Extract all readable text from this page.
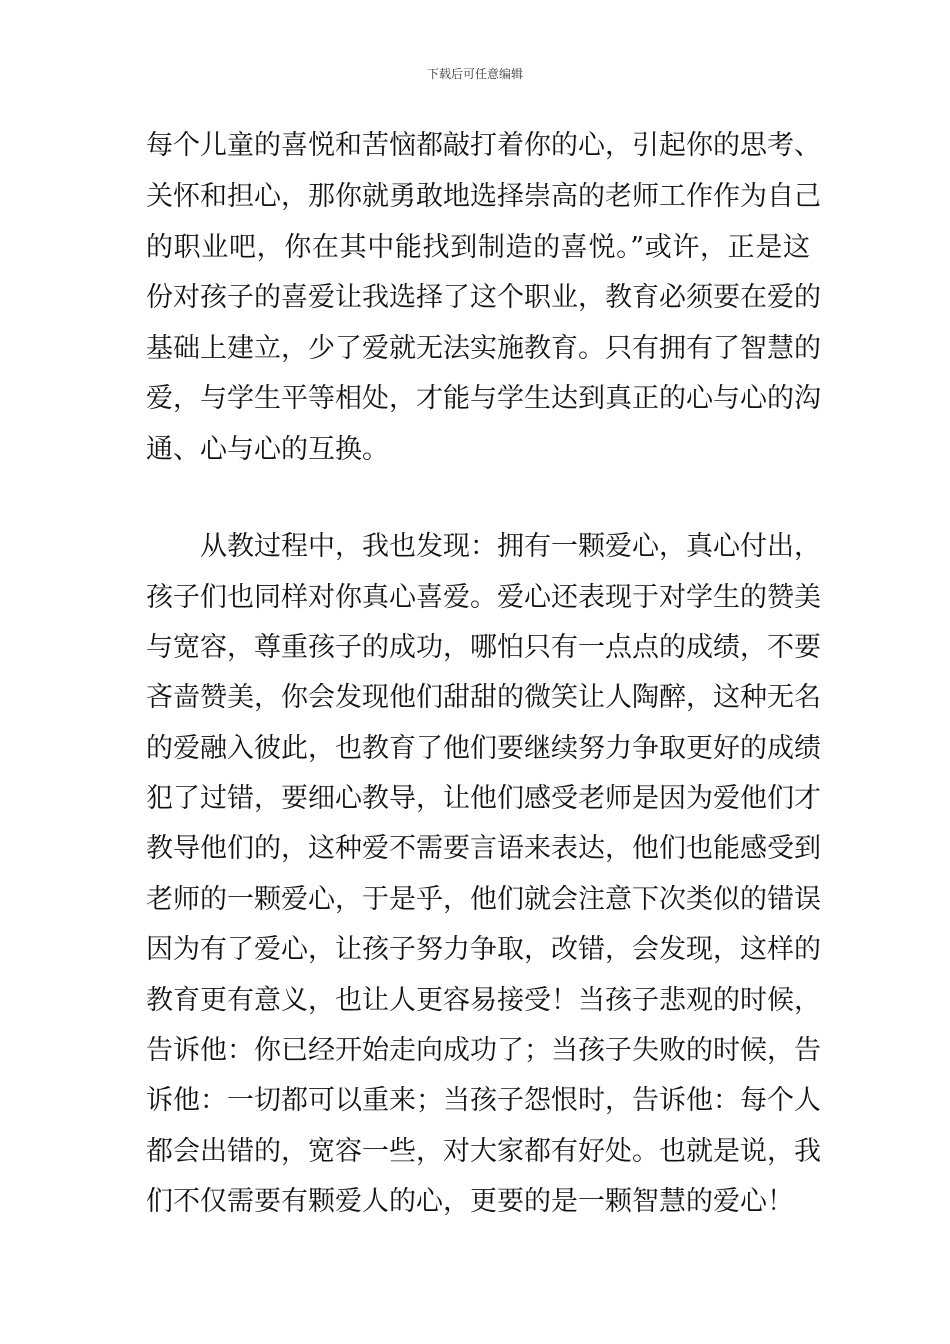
下载后可任意编辑
每个儿童的喜悦和苦恼都敲打着你的心，引起你的思考、
关怀和担心，那你就勇敢地选择崇高的老师工作作为自己
的职业吧，你在其中能找到制造的喜悦。”或许，正是这
份对孩子的喜爱让我选择了这个职业，教育必须要在爱的
基础上建立，少了爱就无法实施教育。只有拥有了智慧的
爱，与学生平等相处，才能与学生达到真正的心与心的沟
通、心与心的互换。
从教过程中，我也发现：拥有一颗爱心，真心付出，
孩子们也同样对你真心喜爱。爱心还表现于对学生的赞美
与宽容，尊重孩子的成功，哪怕只有一点点的成绩，不要
吝啬赞美，你会发现他们甜甜的微笑让人陶醉，这种无名
的爱融入彼此，也教育了他们要继续努力争取更好的成绩
犯了过错，要细心教导，让他们感受老师是因为爱他们才
教导他们的，这种爱不需要言语来表达，他们也能感受到
老师的一颗爱心，于是乎，他们就会注意下次类似的错误
因为有了爱心，让孩子努力争取，改错，会发现，这样的
教育更有意义，也让人更容易接受！当孩子悲观的时候，
告诉他：你已经开始走向成功了；当孩子失败的时候，告
诉他：一切都可以重来；当孩子怨恨时，告诉他：每个人
都会出错的，宽容一些，对大家都有好处。也就是说，我
们不仅需要有颗爱人的心，更要的是一颗智慧的爱心！
